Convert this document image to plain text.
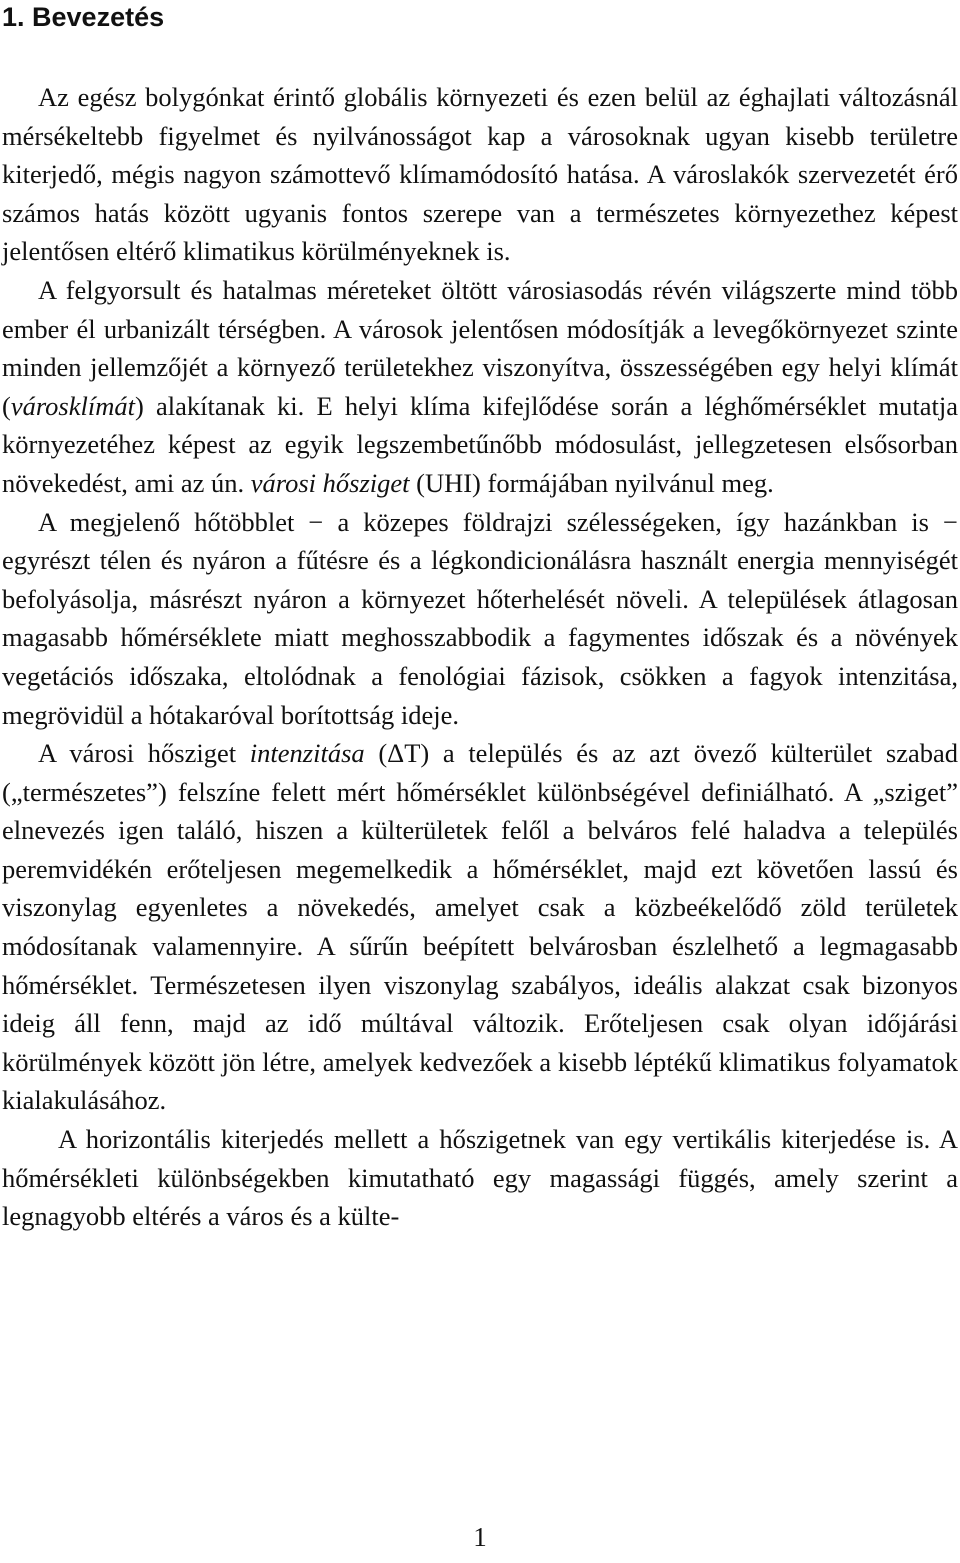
1. Bevezetés

Az egész bolygónkat érintő globális környezeti és ezen belül az éghajlati változásnál mérsékeltebb figyelmet és nyilvánosságot kap a városoknak ugyan kisebb területre kiterjedő, mégis nagyon számottevő klímamódosító hatása. A városlakók szervezetét érő számos hatás között ugyanis fontos szerepe van a természetes környezethez képest jelentősen eltérő klimatikus körülményeknek is.

A felgyorsult és hatalmas méreteket öltött városiasodás révén világszerte mind több ember él urbanizált térségben. A városok jelentősen módosítják a levegőkörnyezet szinte minden jellemzőjét a környező területekhez viszonyítva, összességében egy helyi klímát (városklímát) alakítanak ki. E helyi klíma kifejlődése során a léghőmérséklet mutatja környezetéhez képest az egyik legszembetűnőbb módosulást, jellegzetesen elsősorban növekedést, ami az ún. városi hősziget (UHI) formájában nyilvánul meg.

A megjelenő hőtöbblet − a közepes földrajzi szélességeken, így hazánkban is − egyrészt télen és nyáron a fűtésre és a légkondicionálásra használt energia mennyiségét befolyásolja, másrészt nyáron a környezet hőterhelését növeli. A települések átlagosan magasabb hőmérséklete miatt meghosszabbodik a fagymentes időszak és a növények vegetációs időszaka, eltolódnak a fenológiai fázisok, csökken a fagyok intenzitása, megrövidül a hótakaróval borítottság ideje.

A városi hősziget intenzitása (ΔT) a település és az azt övező külterület szabad („természetes”) felszíne felett mért hőmérséklet különbségével definiálható. A „sziget” elnevezés igen találó, hiszen a külterületek felől a belváros felé haladva a település peremvidékén erőteljesen megemelkedik a hőmérséklet, majd ezt követően lassú és viszonylag egyenletes a növekedés, amelyet csak a közbeékelődő zöld területek módosítanak valamennyire. A sűrűn beépített belvárosban észlelhető a legmagasabb hőmérséklet. Természetesen ilyen viszonylag szabályos, ideális alakzat csak bizonyos ideig áll fenn, majd az idő múltával változik. Erőteljesen csak olyan időjárási körülmények között jön létre, amelyek kedvezőek a kisebb léptékű klimatikus folyamatok kialakulásához.

A horizontális kiterjedés mellett a hőszigetnek van egy vertikális kiterjedése is. A hőmérsékleti különbségekben kimutatható egy magassági függés, amely szerint a legnagyobb eltérés a város és a külte-

1
